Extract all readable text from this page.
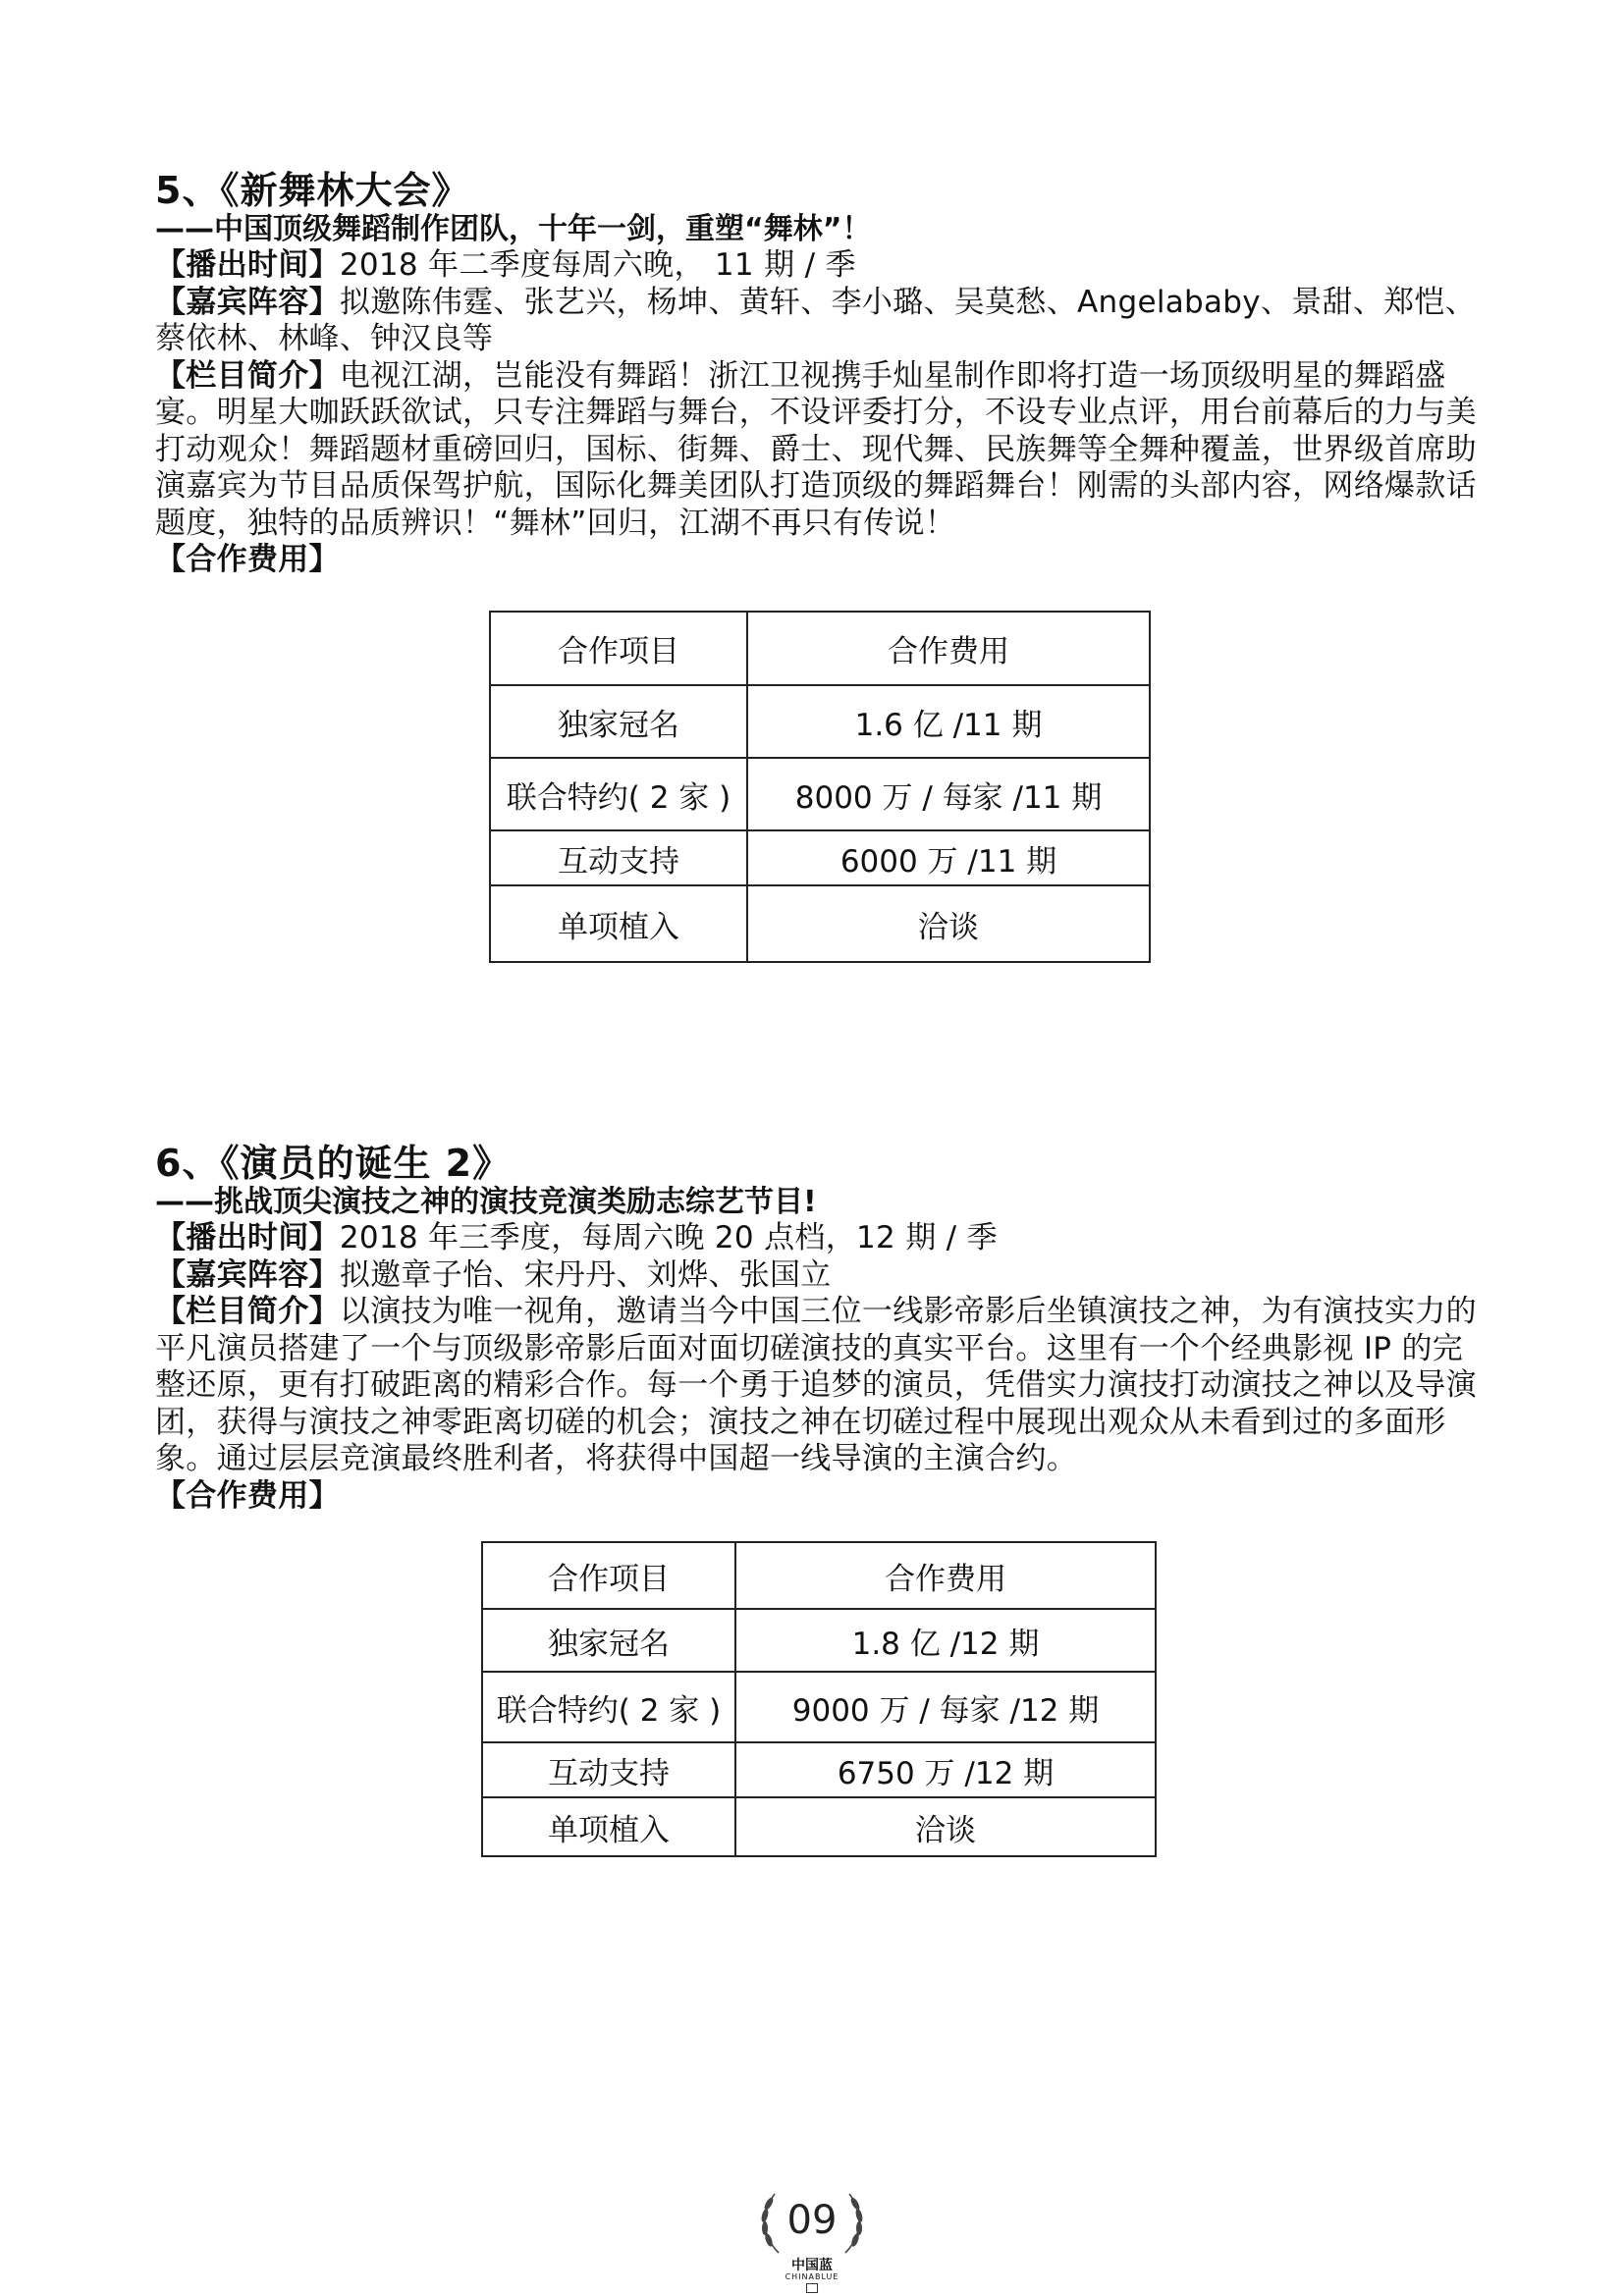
5、《新舞林大会》

——中国顶级舞蹈制作团队，十年一剑，重塑“舞林”！

【播出时间】2018 年二季度每周六晚， 11 期 / 季

【嘉宾阵容】拟邀陈伟霆、张艺兴，杨坤、黄轩、李小璐、吴莫愁、Angelababy、景甜、郑恺、蔡依林、林峰、钟汉良等

【栏目简介】电视江湖，岂能没有舞蹈！浙江卫视携手灿星制作即将打造一场顶级明星的舞蹈盛宴。明星大咖跃跃欲试，只专注舞蹈与舞台，不设评委打分，不设专业点评，用台前幕后的力与美打动观众！舞蹈题材重磅回归，国标、街舞、爵士、现代舞、民族舞等全舞种覆盖，世界级首席助演嘉宾为节目品质保驾护航，国际化舞美团队打造顶级的舞蹈舞台！刚需的头部内容，网络爆款话题度，独特的品质辨识！“舞林”回归，江湖不再只有传说！

【合作费用】

合作项目	合作费用
独家冠名	1.6 亿 /11 期
联合特约( 2 家 )	8000 万 / 每家 /11 期
互动支持	6000 万 /11 期
单项植入	洽谈

6、《演员的诞生 2》

——挑战顶尖演技之神的演技竞演类励志综艺节目!

【播出时间】2018 年三季度，每周六晚 20 点档，12 期 / 季

【嘉宾阵容】拟邀章子怡、宋丹丹、刘烨、张国立

【栏目简介】以演技为唯一视角，邀请当今中国三位一线影帝影后坐镇演技之神，为有演技实力的平凡演员搭建了一个与顶级影帝影后面对面切磋演技的真实平台。这里有一个个经典影视 IP 的完整还原，更有打破距离的精彩合作。每一个勇于追梦的演员，凭借实力演技打动演技之神以及导演团，获得与演技之神零距离切磋的机会；演技之神在切磋过程中展现出观众从未看到过的多面形象。通过层层竞演最终胜利者，将获得中国超一线导演的主演合约。

【合作费用】

合作项目	合作费用
独家冠名	1.8 亿 /12 期
联合特约( 2 家 )	9000 万 / 每家 /12 期
互动支持	6750 万 /12 期
单项植入	洽谈
09
中国蓝
CHINABLUE
